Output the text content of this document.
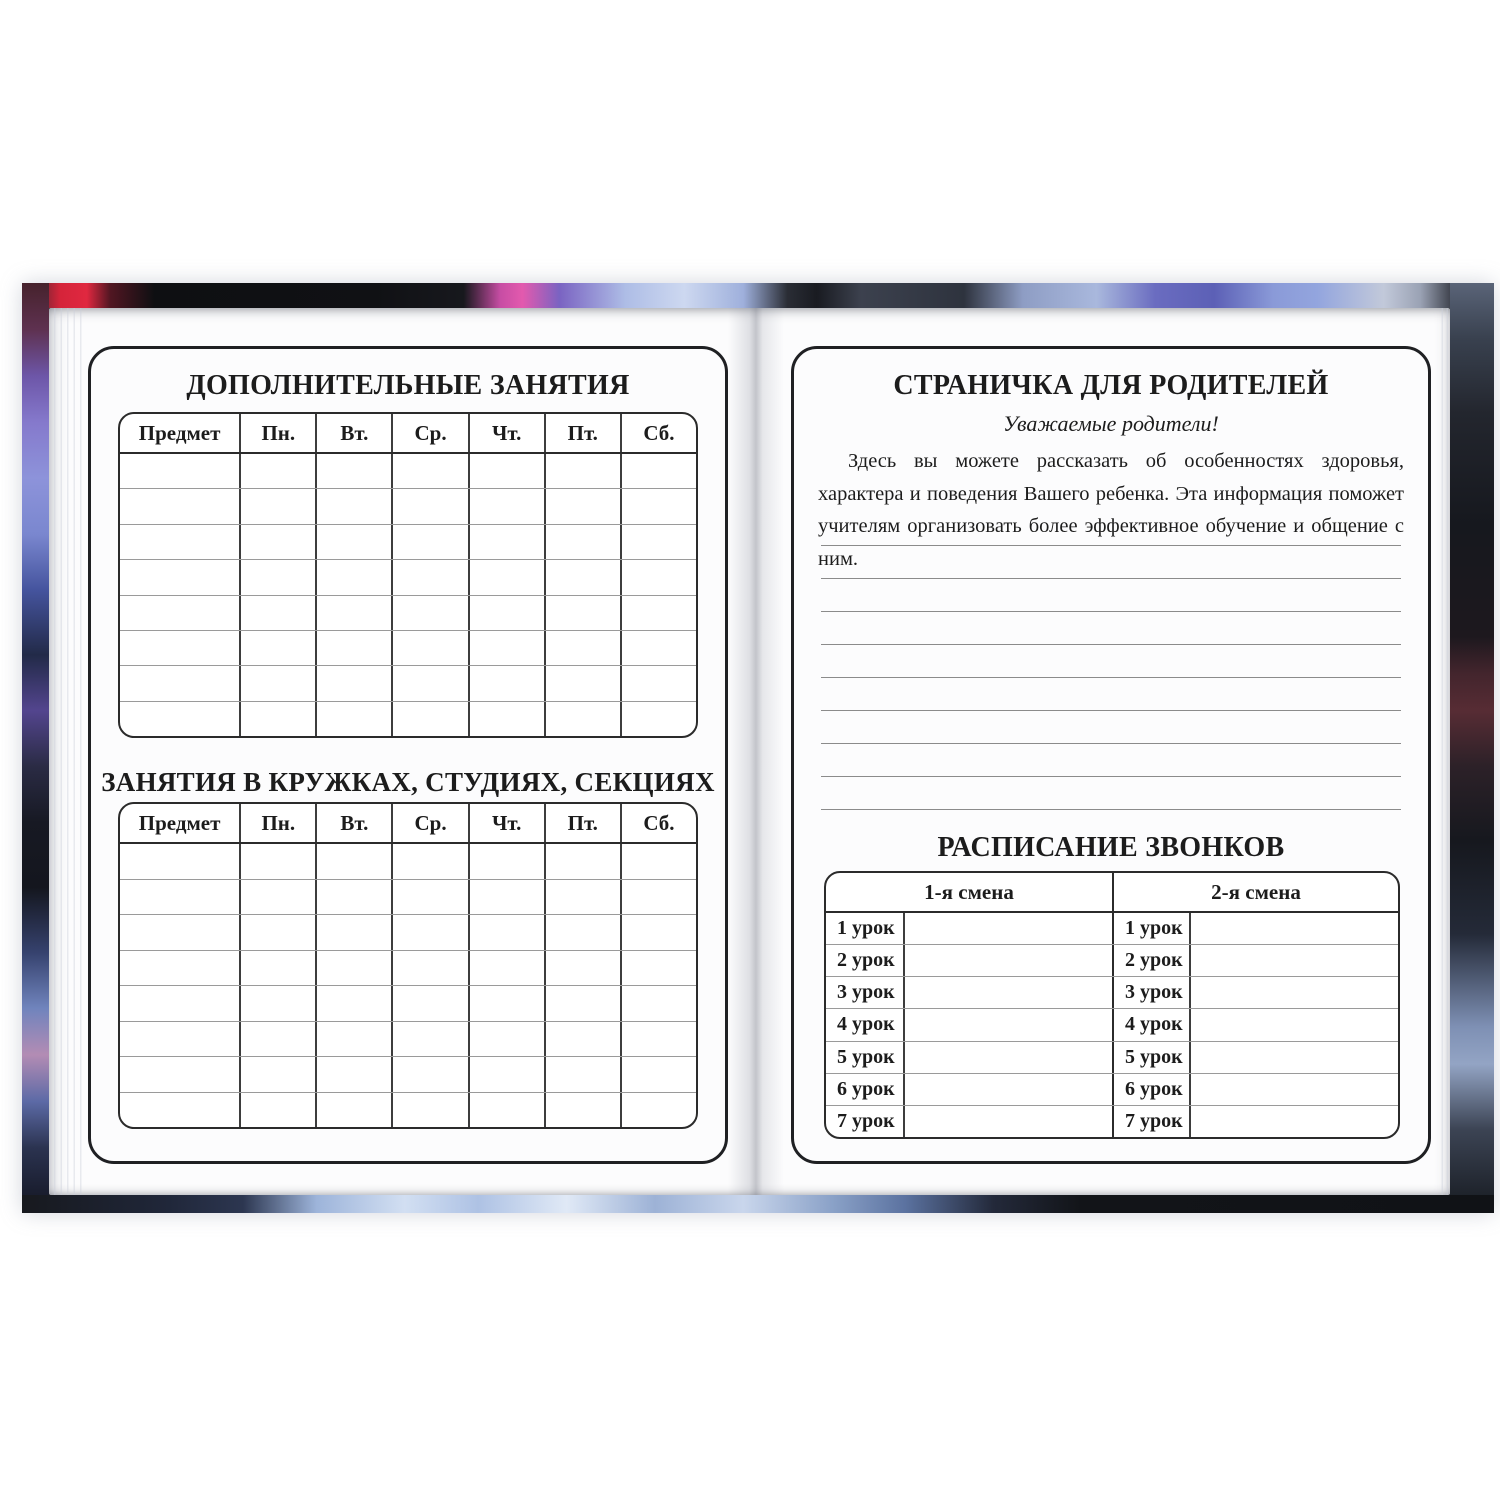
ДОПОЛНИТЕЛЬНЫЕ ЗАНЯТИЯ
Предмет	Пн.	Вт.	Ср.	Чт.	Пт.	Сб.
ЗАНЯТИЯ В КРУЖКАХ, СТУДИЯХ, СЕКЦИЯХ
Предмет	Пн.	Вт.	Ср.	Чт.	Пт.	Сб.
СТРАНИЧКА ДЛЯ РОДИТЕЛЕЙ
Уважаемые родители!
Здесь вы можете рассказать об особенностях здоровья, характера и поведения Вашего ребенка. Эта информация поможет учителям организовать более эффективное обучение и общение с ним.
РАСПИСАНИЕ ЗВОНКОВ
1-я смена	2-я смена
1 урок	1 урок
2 урок	2 урок
3 урок	3 урок
4 урок	4 урок
5 урок	5 урок
6 урок	6 урок
7 урок	7 урок
